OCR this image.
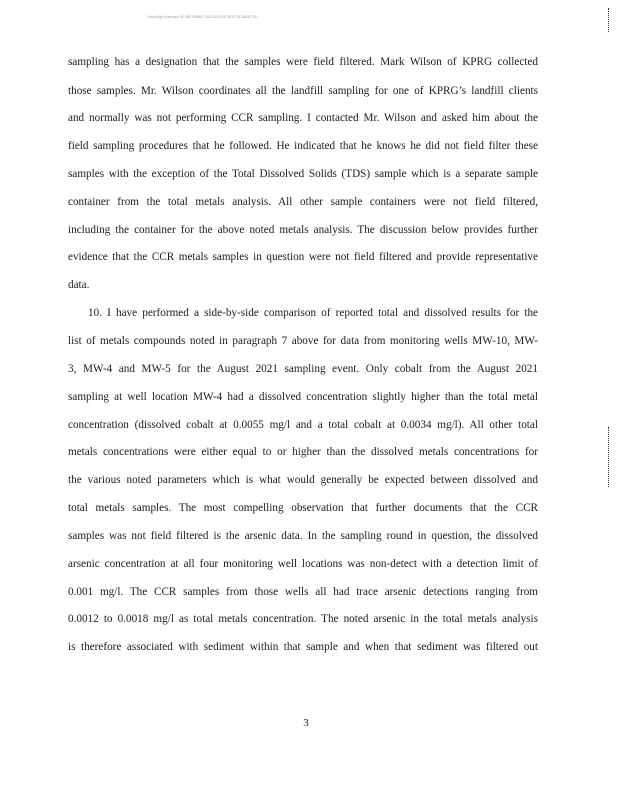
DocuSign Envelope ID: 4BF2A5B5-C3C9-4E29-8F2D-0C5E1B9A7D41

sampling has a designation that the samples were field filtered. Mark Wilson of KPRG collected

those samples. Mr. Wilson coordinates all the landfill sampling for one of KPRG’s landfill clients

and normally was not performing CCR sampling. I contacted Mr. Wilson and asked him about the

field sampling procedures that he followed. He indicated that he knows he did not field filter these

samples with the exception of the Total Dissolved Solids (TDS) sample which is a separate sample

container from the total metals analysis. All other sample containers were not field filtered,

including the container for the above noted metals analysis. The discussion below provides further

evidence that the CCR metals samples in question were not field filtered and provide representative

data.

10. I have performed a side-by-side comparison of reported total and dissolved results for the

list of metals compounds noted in paragraph 7 above for data from monitoring wells MW-10, MW-

3, MW-4 and MW-5 for the August 2021 sampling event. Only cobalt from the August 2021

sampling at well location MW-4 had a dissolved concentration slightly higher than the total metal

concentration (dissolved cobalt at 0.0055 mg/l and a total cobalt at 0.0034 mg/l). All other total

metals concentrations were either equal to or higher than the dissolved metals concentrations for

the various noted parameters which is what would generally be expected between dissolved and

total metals samples. The most compelling observation that further documents that the CCR

samples was not field filtered is the arsenic data. In the sampling round in question, the dissolved

arsenic concentration at all four monitoring well locations was non-detect with a detection limit of

0.001 mg/l. The CCR samples from those wells all had trace arsenic detections ranging from

0.0012 to 0.0018 mg/l as total metals concentration. The noted arsenic in the total metals analysis

is therefore associated with sediment within that sample and when that sediment was filtered out

3
